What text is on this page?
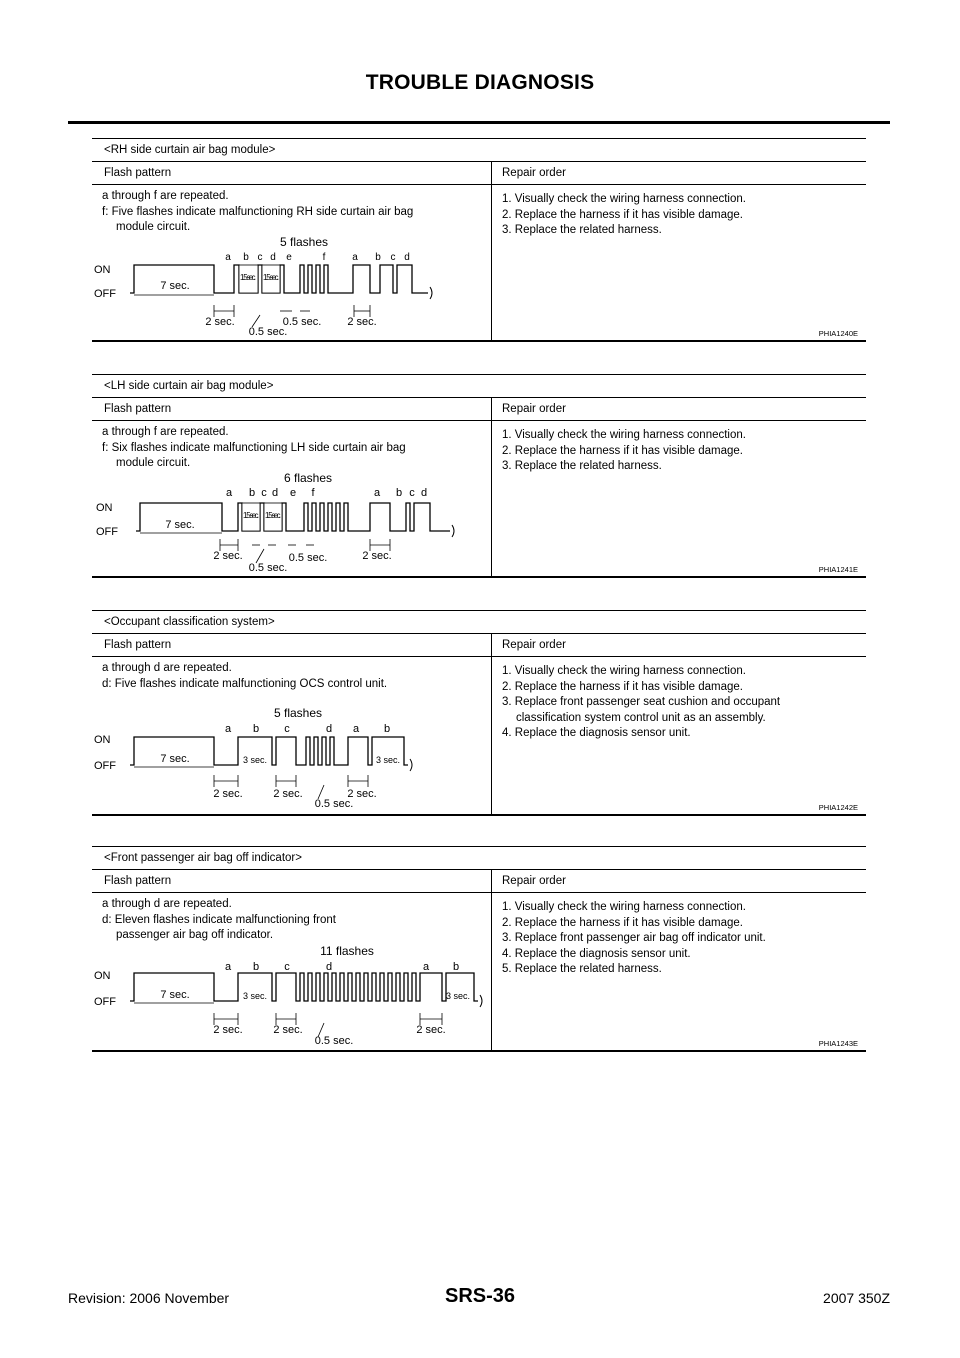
TROUBLE DIAGNOSIS
<RH side curtain air bag module>
Flash pattern	Repair order
a through f are repeated.
f: Five flashes indicate malfunctioning RH side curtain air bag
module circuit.
5 flashes
a b c d e	f	a b c d
ON
OFF
1.5 sec. 1.5 sec.
7 sec.
2 sec.
0.5 sec.
0.5 sec. 2 sec.

1. Visually check the wiring harness connection.

2. Replace the harness if it has visible damage.

3. Replace the related harness.

PHIA1240E
<LH side curtain air bag module>
Flash pattern	Repair order
a through f are repeated.
f: Six flashes indicate malfunctioning LH side curtain air bag
module circuit.
6 flashes
a b c d e f	a b c d
ON
OFF
1.5 sec. 1.5 sec.
7 sec.
2 sec.
0.5 sec.
0.5 sec.	2 sec.

1. Visually check the wiring harness connection.

2. Replace the harness if it has visible damage.

3. Replace the related harness.

PHIA1241E
<Occupant classification system>
Flash pattern	Repair order
a through d are repeated.
d: Five flashes indicate malfunctioning OCS control unit.
5 flashes
a b c	d a b
ON
OFF	3 sec.	3 sec.
7 sec.
2 sec.	2 sec.
0.5 sec.
2 sec.

1. Visually check the wiring harness connection.

2. Replace the harness if it has visible damage.

3. Replace front passenger seat cushion and occupant

classification system control unit as an assembly.

4. Replace the diagnosis sensor unit.

PHIA1242E
<Front passenger air bag off indicator>
Flash pattern	Repair order
a through d are repeated.
d: Eleven flashes indicate malfunctioning front
passenger air bag off indicator.
11 flashes
a b c	d	a b
ON
OFF	3 sec.	3 sec.
7 sec.
2 sec.	2 sec.
0.5 sec.
2 sec.

1. Visually check the wiring harness connection.

2. Replace the harness if it has visible damage.

3. Replace front passenger air bag off indicator unit.

4. Replace the diagnosis sensor unit.

5. Replace the related harness.

PHIA1243E
Revision: 2006 November	SRS-36	2007 350Z
